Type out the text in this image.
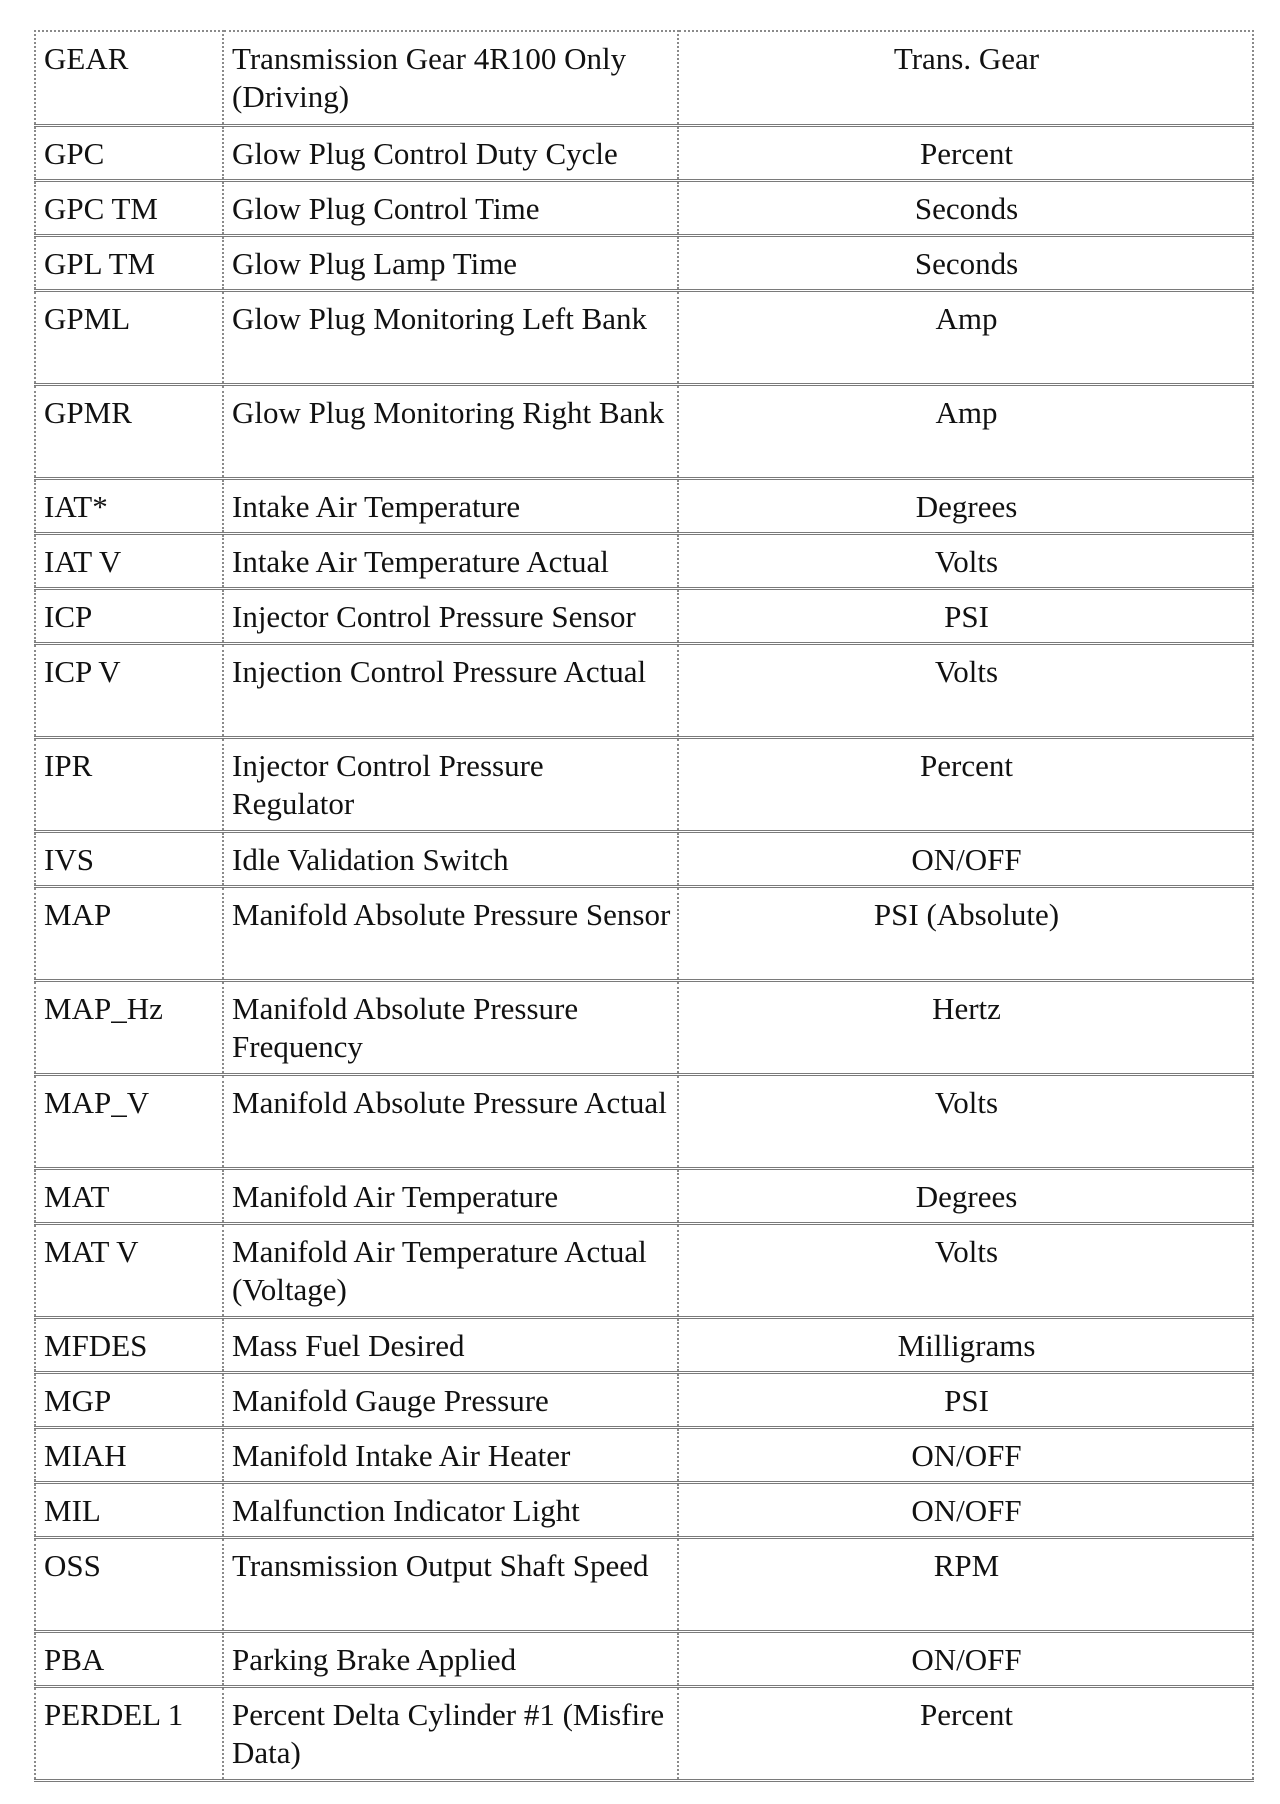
GEAR	Transmission Gear 4R100 Only (Driving)	Trans. Gear
GPC	Glow Plug Control Duty Cycle	Percent
GPC TM	Glow Plug Control Time	Seconds
GPL TM	Glow Plug Lamp Time	Seconds
GPML	Glow Plug Monitoring Left Bank	Amp
GPMR	Glow Plug Monitoring Right Bank	Amp
IAT*	Intake Air Temperature	Degrees
IAT V	Intake Air Temperature Actual	Volts
ICP	Injector Control Pressure Sensor	PSI
ICP V	Injection Control Pressure Actual	Volts
IPR	Injector Control Pressure Regulator	Percent
IVS	Idle Validation Switch	ON/OFF
MAP	Manifold Absolute Pressure Sensor	PSI (Absolute)
MAP_Hz	Manifold Absolute Pressure Frequency	Hertz
MAP_V	Manifold Absolute Pressure Actual	Volts
MAT	Manifold Air Temperature	Degrees
MAT V	Manifold Air Temperature Actual (Voltage)	Volts
MFDES	Mass Fuel Desired	Milligrams
MGP	Manifold Gauge Pressure	PSI
MIAH	Manifold Intake Air Heater	ON/OFF
MIL	Malfunction Indicator Light	ON/OFF
OSS	Transmission Output Shaft Speed	RPM
PBA	Parking Brake Applied	ON/OFF
PERDEL 1	Percent Delta Cylinder #1 (Misfire Data)	Percent
